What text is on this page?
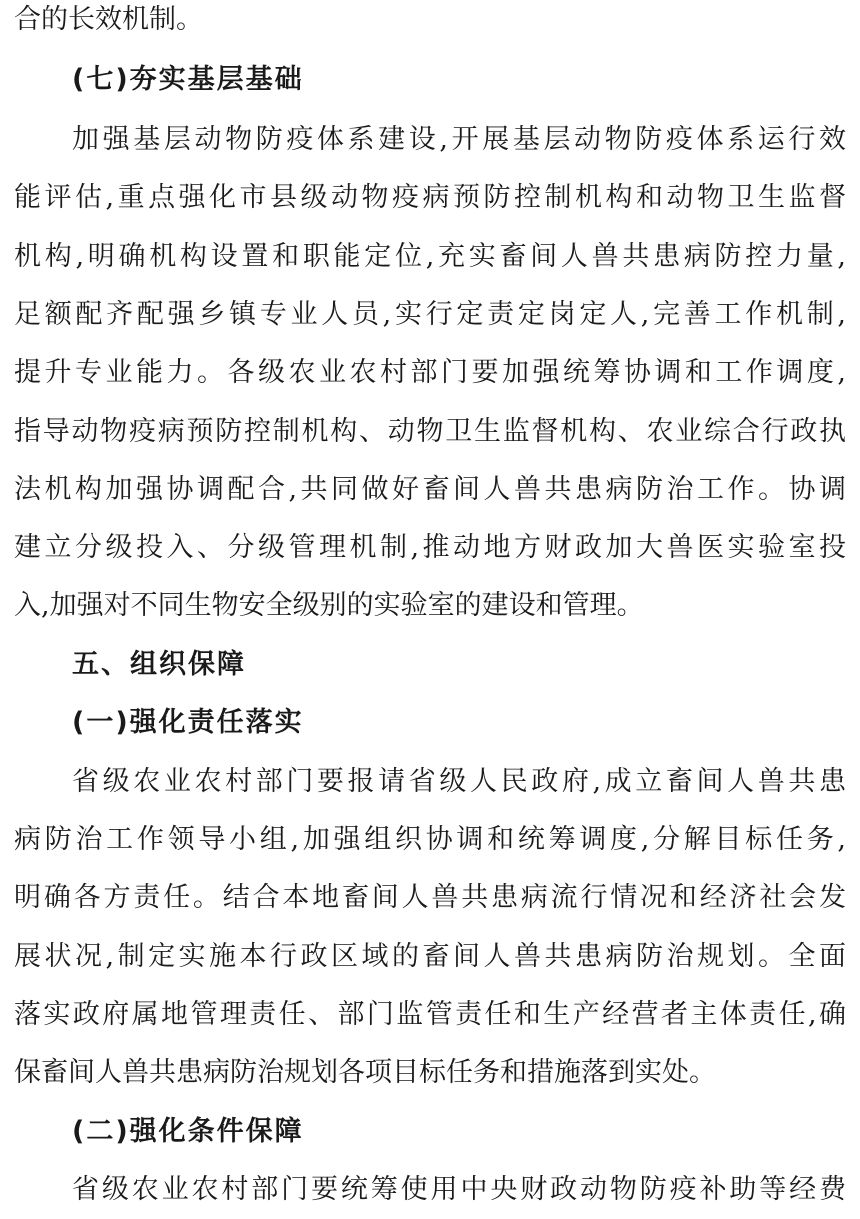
合的长效机制。
(七)夯实基层基础
加强基层动物防疫体系建设,开展基层动物防疫体系运行效
能评估,重点强化市县级动物疫病预防控制机构和动物卫生监督
机构,明确机构设置和职能定位,充实畜间人兽共患病防控力量,
足额配齐配强乡镇专业人员,实行定责定岗定人,完善工作机制,
提升专业能力。各级农业农村部门要加强统筹协调和工作调度,
指导动物疫病预防控制机构、动物卫生监督机构、农业综合行政执
法机构加强协调配合,共同做好畜间人兽共患病防治工作。协调
建立分级投入、分级管理机制,推动地方财政加大兽医实验室投
入,加强对不同生物安全级别的实验室的建设和管理。
五、组织保障
(一)强化责任落实
省级农业农村部门要报请省级人民政府,成立畜间人兽共患
病防治工作领导小组,加强组织协调和统筹调度,分解目标任务,
明确各方责任。结合本地畜间人兽共患病流行情况和经济社会发
展状况,制定实施本行政区域的畜间人兽共患病防治规划。全面
落实政府属地管理责任、部门监管责任和生产经营者主体责任,确
保畜间人兽共患病防治规划各项目标任务和措施落到实处。
(二)强化条件保障
省级农业农村部门要统筹使用中央财政动物防疫补助等经费
